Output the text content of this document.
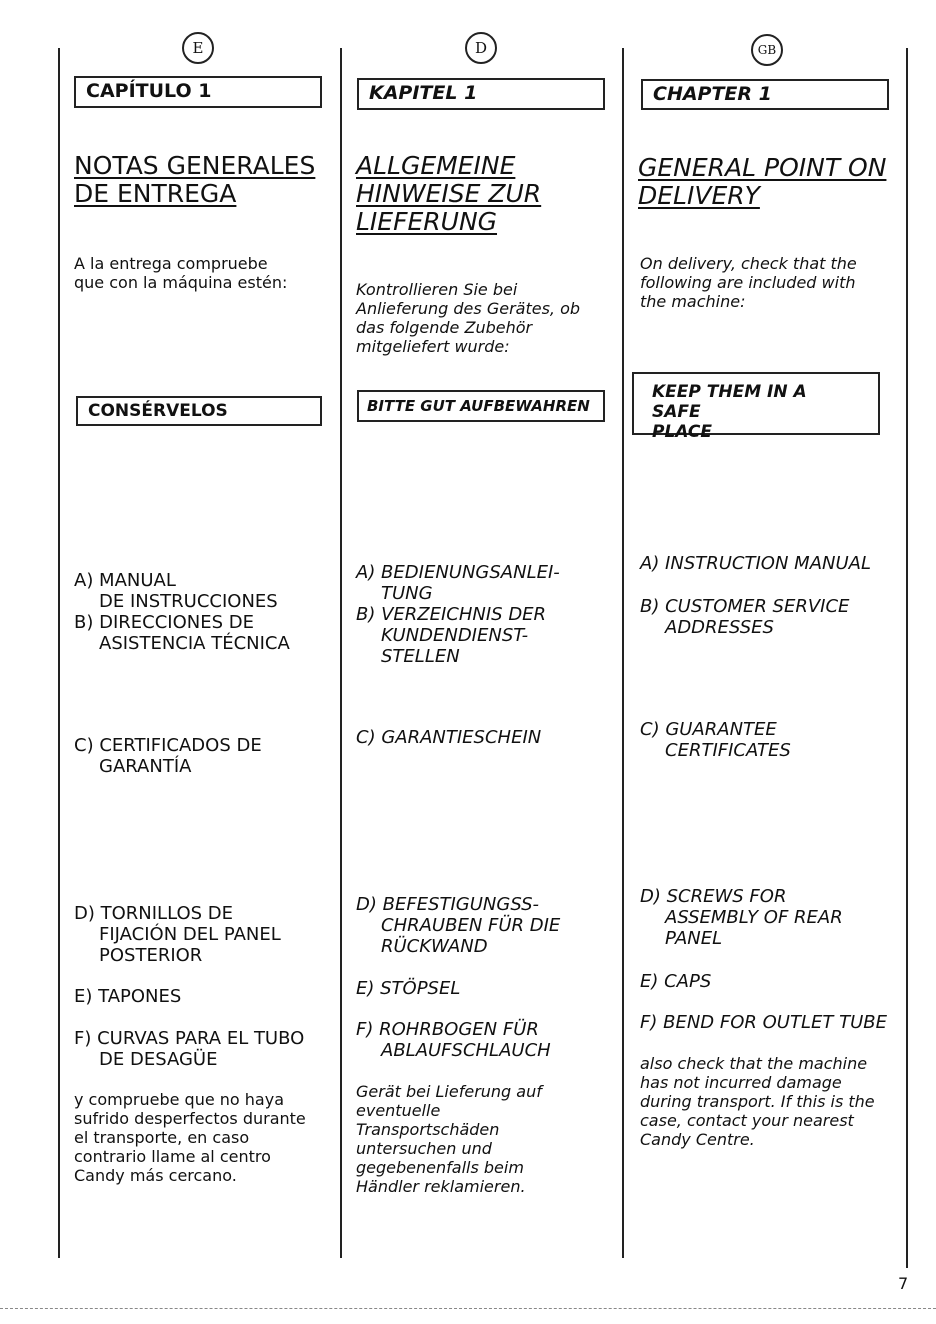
E
CAPÍTULO 1
NOTAS GENERALES
DE ENTREGA
A la entrega compruebe
que con la máquina estén:
CONSÉRVELOS
A) MANUAL
DE INSTRUCCIONES
B) DIRECCIONES DE
ASISTENCIA TÉCNICA
C) CERTIFICADOS DE
GARANTÍA
D) TORNILLOS DE
FIJACIÓN DEL PANEL
POSTERIOR
E) TAPONES
F) CURVAS PARA EL TUBO
DE DESAGÜE
y compruebe que no haya
sufrido desperfectos durante
el transporte, en caso
contrario llame al centro
Candy más cercano.
D
KAPITEL 1
ALLGEMEINE
HINWEISE ZUR
LIEFERUNG
Kontrollieren Sie bei
Anlieferung des Gerätes, ob
das folgende Zubehör
mitgeliefert wurde:
BITTE GUT AUFBEWAHREN
A) BEDIENUNGSANLEI-
TUNG
B) VERZEICHNIS DER
KUNDENDIENST-
STELLEN
C) GARANTIESCHEIN
D) BEFESTIGUNGSS-
CHRAUBEN FÜR DIE
RÜCKWAND
E) STÖPSEL
F) ROHRBOGEN FÜR
ABLAUFSCHLAUCH
Gerät bei Lieferung auf
eventuelle
Transportschäden
untersuchen und
gegebenenfalls beim
Händler reklamieren.
GB
CHAPTER 1
GENERAL POINT ON
DELIVERY
On delivery, check that the
following are included with
the machine:
KEEP THEM IN A SAFE
PLACE
A) INSTRUCTION MANUAL
B) CUSTOMER SERVICE
ADDRESSES
C) GUARANTEE
CERTIFICATES
D) SCREWS FOR
ASSEMBLY OF REAR
PANEL
E) CAPS
F) BEND FOR OUTLET TUBE
also check that the machine
has not incurred damage
during transport. If this is the
case, contact your nearest
Candy Centre.
7
